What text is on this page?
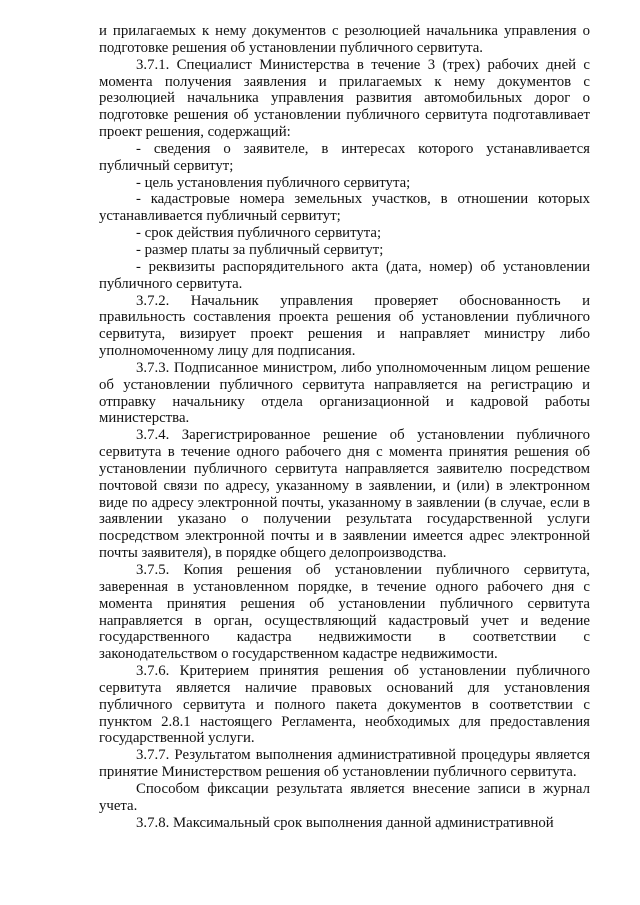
и прилагаемых к нему документов с резолюцией начальника управления о подготовке решения об установлении публичного сервитута.

3.7.1. Специалист Министерства в течение 3 (трех) рабочих дней с момента получения заявления и прилагаемых к нему документов с резолюцией начальника управления развития автомобильных дорог о подготовке решения об установлении публичного сервитута подготавливает проект решения, содержащий:

- сведения о заявителе, в интересах которого устанавливается публичный сервитут;

- цель установления публичного сервитута;

- кадастровые номера земельных участков, в отношении которых устанавливается публичный сервитут;

- срок действия публичного сервитута;

- размер платы за публичный сервитут;

- реквизиты распорядительного акта (дата, номер) об установлении публичного сервитута.

3.7.2. Начальник управления проверяет обоснованность и правильность составления проекта решения об установлении публичного сервитута, визирует проект решения и направляет министру либо уполномоченному лицу для подписания.

3.7.3. Подписанное министром, либо уполномоченным лицом решение об установлении публичного сервитута направляется на регистрацию и отправку начальнику отдела организационной и кадровой работы министерства.

3.7.4. Зарегистрированное решение об установлении публичного сервитута в течение одного рабочего дня с момента принятия решения об установлении публичного сервитута направляется заявителю посредством почтовой связи по адресу, указанному в заявлении, и (или) в электронном виде по адресу электронной почты, указанному в заявлении (в случае, если в заявлении указано о получении результата государственной услуги посредством электронной почты и в заявлении имеется адрес электронной почты заявителя), в порядке общего делопроизводства.

3.7.5. Копия решения об установлении публичного сервитута, заверенная в установленном порядке, в течение одного рабочего дня с момента принятия решения об установлении публичного сервитута направляется в орган, осуществляющий кадастровый учет и ведение государственного кадастра недвижимости в соответствии с законодательством о государственном кадастре недвижимости.

3.7.6. Критерием принятия решения об установлении публичного сервитута является наличие правовых оснований для установления публичного сервитута и полного пакета документов в соответствии с пунктом 2.8.1 настоящего Регламента, необходимых для предоставления государственной услуги.

3.7.7. Результатом выполнения административной процедуры является принятие Министерством решения об установлении публичного сервитута.

Способом фиксации результата является внесение записи в журнал учета.

3.7.8. Максимальный срок выполнения данной административной
